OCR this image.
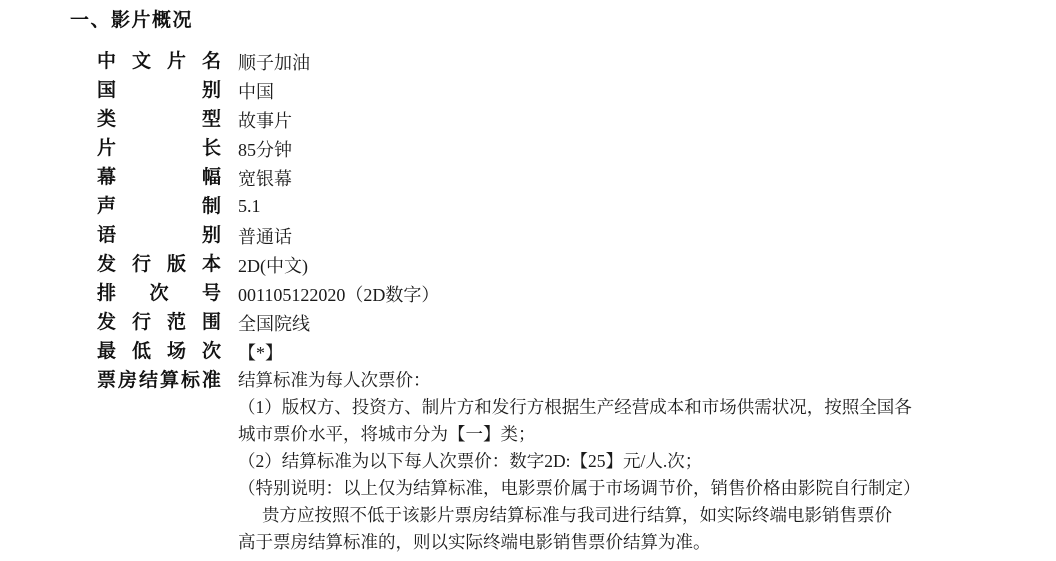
一、影片概况
中 文 片 名 顺子加油
国	别 中国
类	型 故事片
片	长 85分钟
幕	幅 宽银幕
声	制 5.1
语	别 普通话
发 行 版 本 2D(中文)
排 次 号 001105122020（2D数字）
发 行 范 围 全国院线
最 低 场 次 【*】
票 房 结 算 标 准 结算标准为每人次票价：
（1）版权方、投资方、制片方和发行方根据生产经营成本和市场供需状况，按照全国各
城市票价水平，将城市分为【一】类；
（2）结算标准为以下每人次票价：数字2D:【25】元/人.次；
（特别说明：以上仅为结算标准，电影票价属于市场调节价，销售价格由影院自行制定）
贵方应按照不低于该影片票房结算标准与我司进行结算，如实际终端电影销售票价
高于票房结算标准的，则以实际终端电影销售票价结算为准。
